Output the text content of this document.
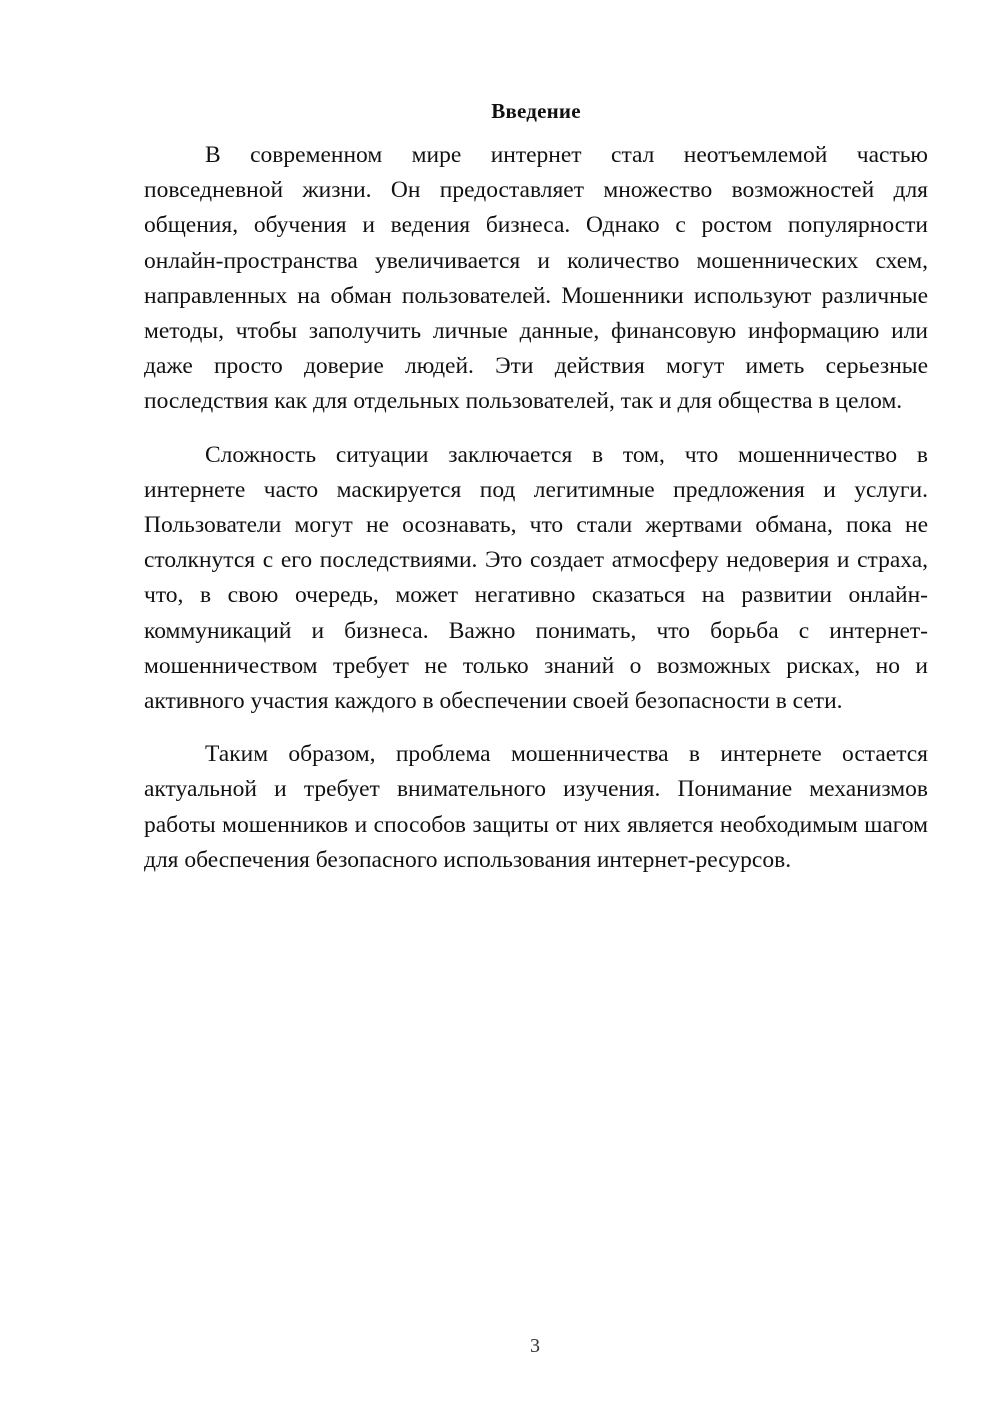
Введение

В современном мире интернет стал неотъемлемой частью повседневной жизни. Он предоставляет множество возможностей для общения, обучения и ведения бизнеса. Однако с ростом популярности онлайн-пространства увеличивается и количество мошеннических схем, направленных на обман пользователей. Мошенники используют различные методы, чтобы заполучить личные данные, финансовую информацию или даже просто доверие людей. Эти действия могут иметь серьезные последствия как для отдельных пользователей, так и для общества в целом.

Сложность ситуации заключается в том, что мошенничество в интернете часто маскируется под легитимные предложения и услуги. Пользователи могут не осознавать, что стали жертвами обмана, пока не столкнутся с его последствиями. Это создает атмосферу недоверия и страха, что, в свою очередь, может негативно сказаться на развитии онлайн-коммуникаций и бизнеса. Важно понимать, что борьба с интернет-мошенничеством требует не только знаний о возможных рисках, но и активного участия каждого в обеспечении своей безопасности в сети.

Таким образом, проблема мошенничества в интернете остается актуальной и требует внимательного изучения. Понимание механизмов работы мошенников и способов защиты от них является необходимым шагом для обеспечения безопасного использования интернет-ресурсов.

3
